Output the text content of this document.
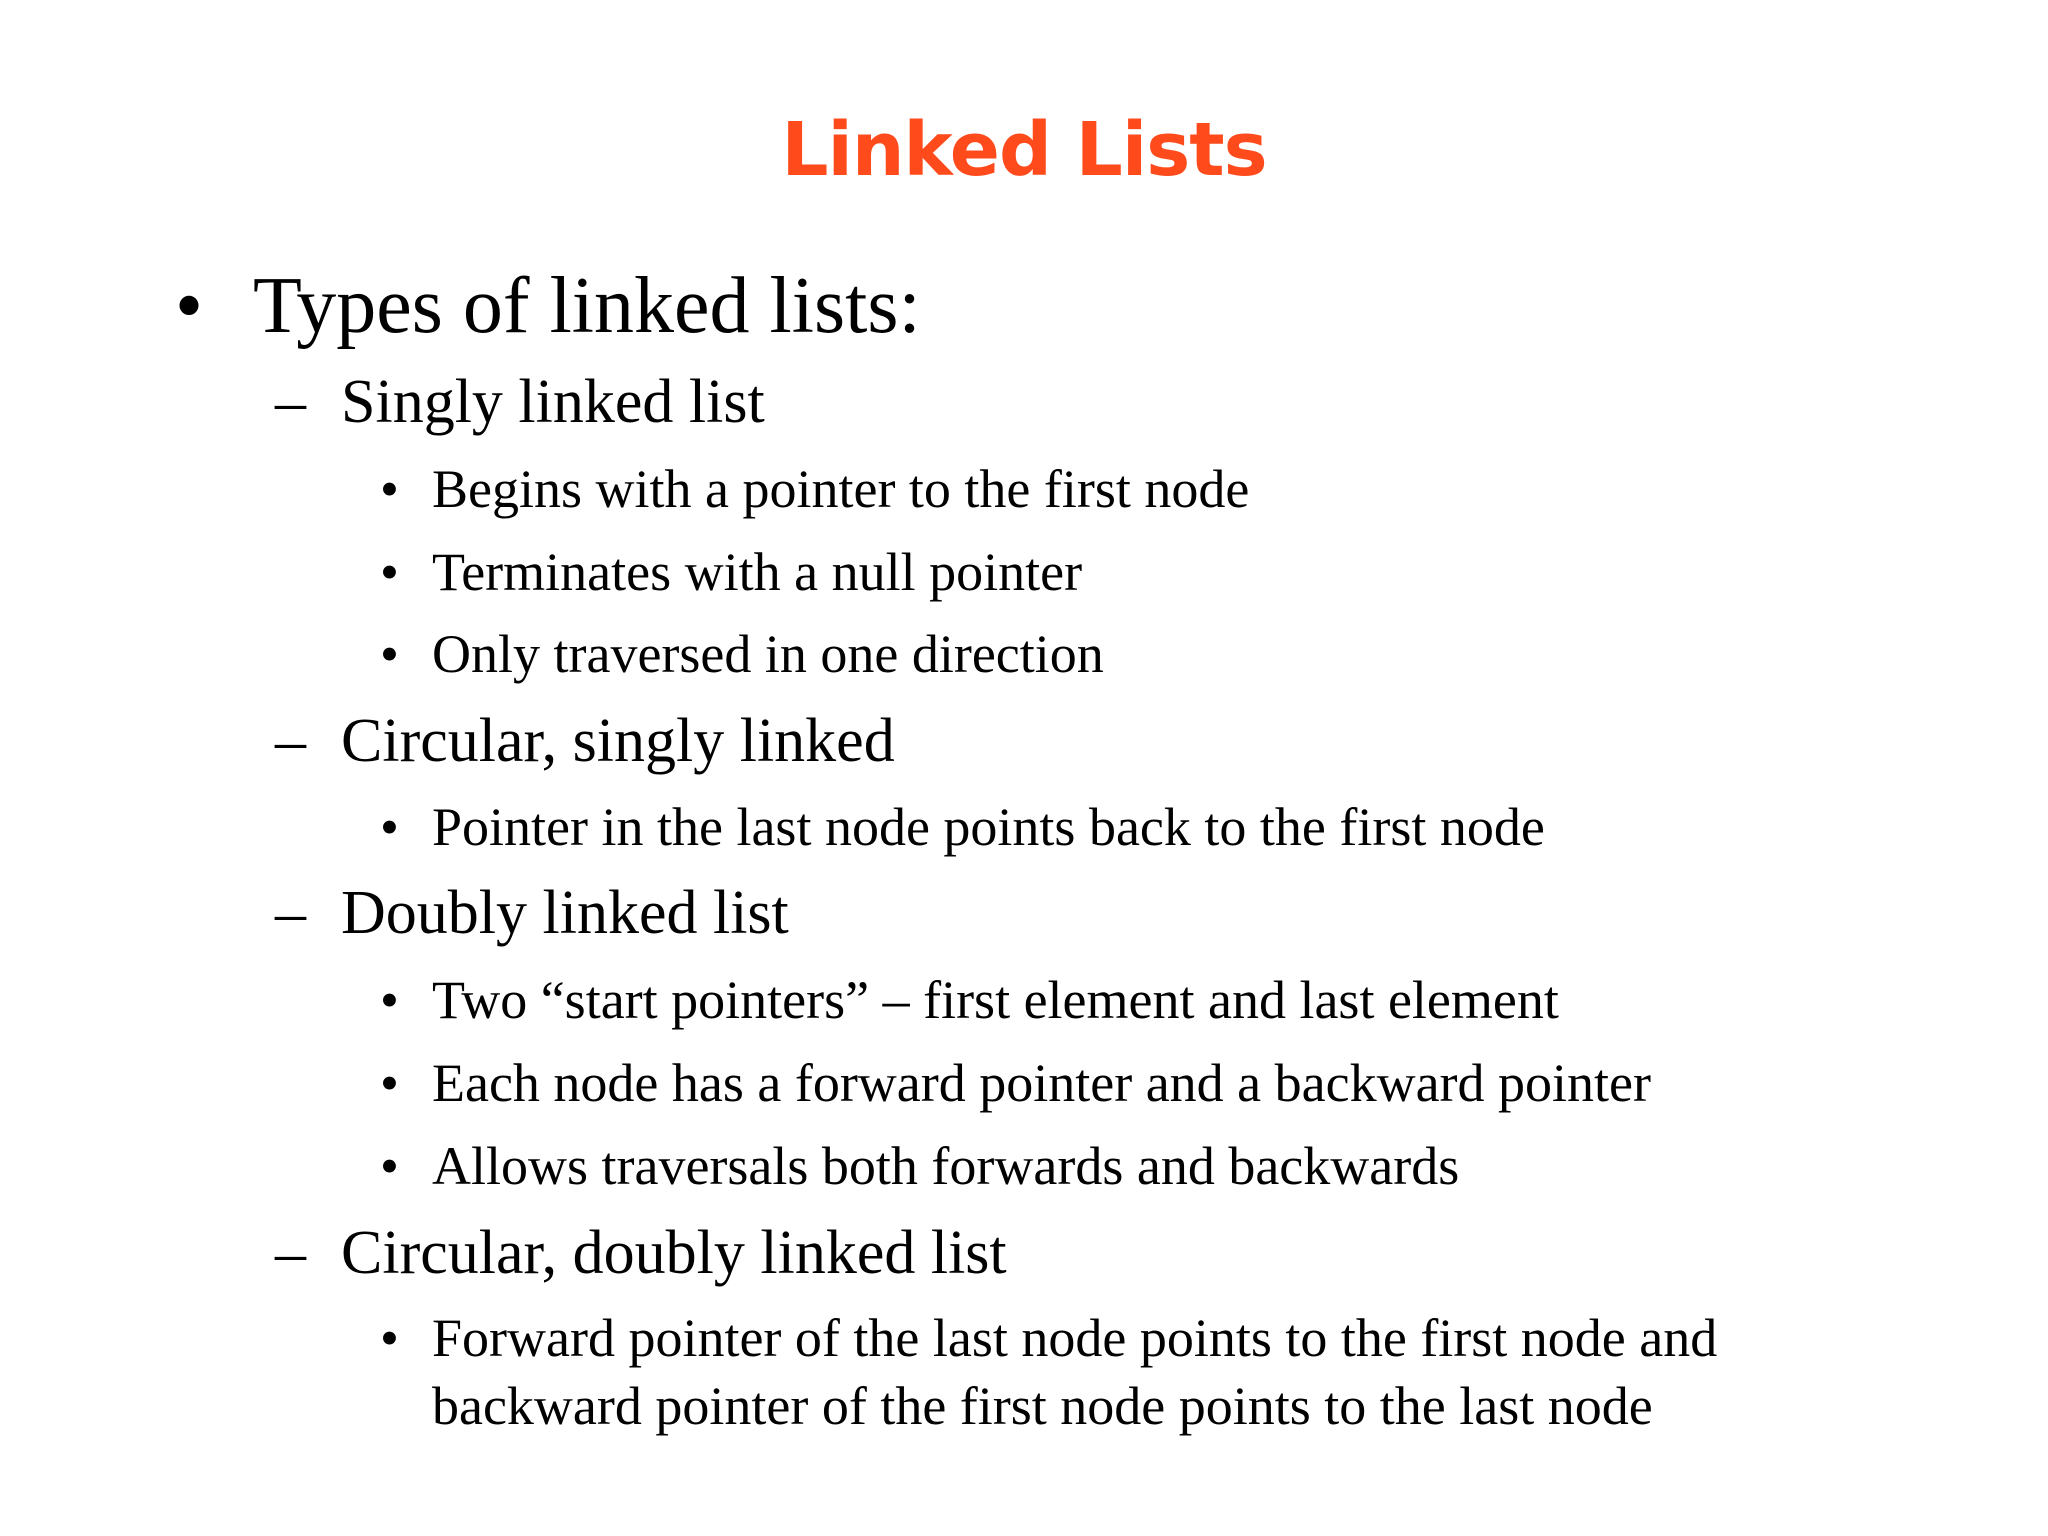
Linked Lists
• Types of linked lists:
– Singly linked list
• Begins with a pointer to the first node
• Terminates with a null pointer
• Only traversed in one direction
– Circular, singly linked
• Pointer in the last node points back to the first node
– Doubly linked list
• Two “start pointers” – first element and last element
• Each node has a forward pointer and a backward pointer
• Allows traversals both forwards and backwards
– Circular, doubly linked list
• Forward pointer of the last node points to the first node and backward pointer of the first node points to the last node
